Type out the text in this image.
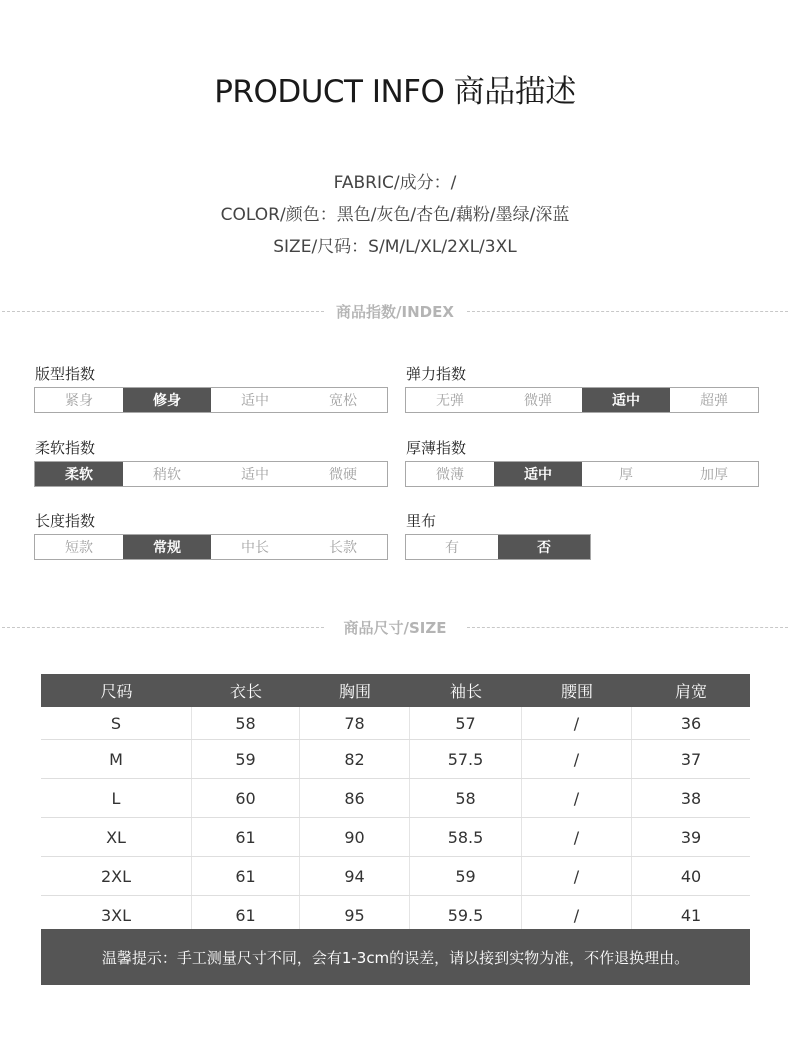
PRODUCT INFO 商品描述
FABRIC/成分：/
COLOR/颜色：黑色/灰色/杏色/藕粉/墨绿/深蓝
SIZE/尺码：S/M/L/XL/2XL/3XL
商品指数/INDEX
版型指数
紧身	修身	适中	宽松
弹力指数
无弹	微弹	适中	超弹
柔软指数
柔软	稍软	适中	微硬
厚薄指数
微薄	适中	厚	加厚
长度指数
短款	常规	中长	长款
里布
有	否
商品尺寸/SIZE
尺码	衣长	胸围	袖长	腰围	肩宽
S	58	78	57	/	36
M	59	82	57.5	/	37
L	60	86	58	/	38
XL	61	90	58.5	/	39
2XL	61	94	59	/	40
3XL	61	95	59.5	/	41
温馨提示：手工测量尺寸不同，会有1-3cm的误差，请以接到实物为准，不作退换理由。
